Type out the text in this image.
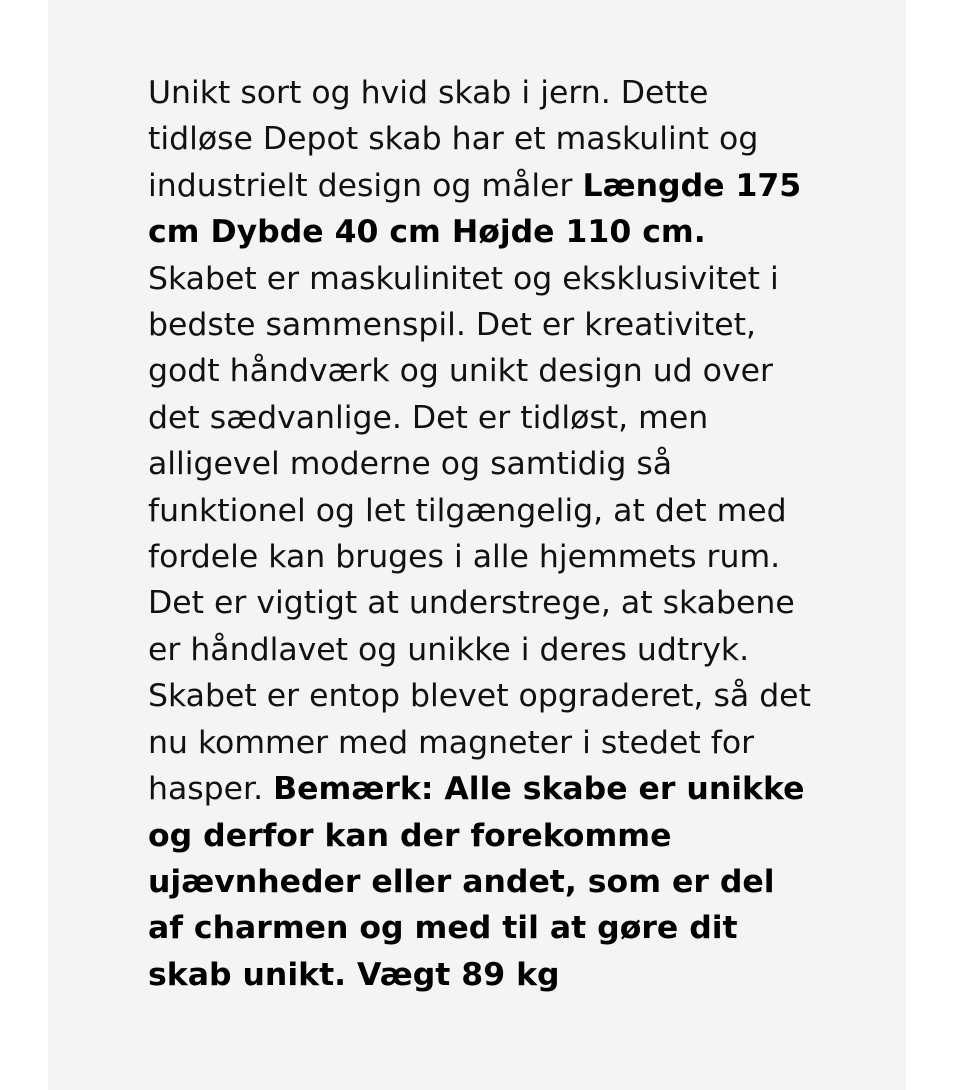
Unikt sort og hvid skab i jern. Dette tidløse Depot skab har et maskulint og industrielt design og måler Længde 175 cm Dybde 40 cm Højde 110 cm. Skabet er maskulinitet og eksklusivitet i bedste sammenspil. Det er kreativitet, godt håndværk og unikt design ud over det sædvanlige. Det er tidløst, men alligevel moderne og samtidig så funktionel og let tilgængelig, at det med fordele kan bruges i alle hjemmets rum. Det er vigtigt at understrege, at skabene er håndlavet og unikke i deres udtryk. Skabet er entop blevet opgraderet, så det nu kommer med magneter i stedet for hasper. Bemærk: Alle skabe er unikke og derfor kan der forekomme ujævnheder eller andet, som er del af charmen og med til at gøre dit skab unikt. Vægt 89 kg
